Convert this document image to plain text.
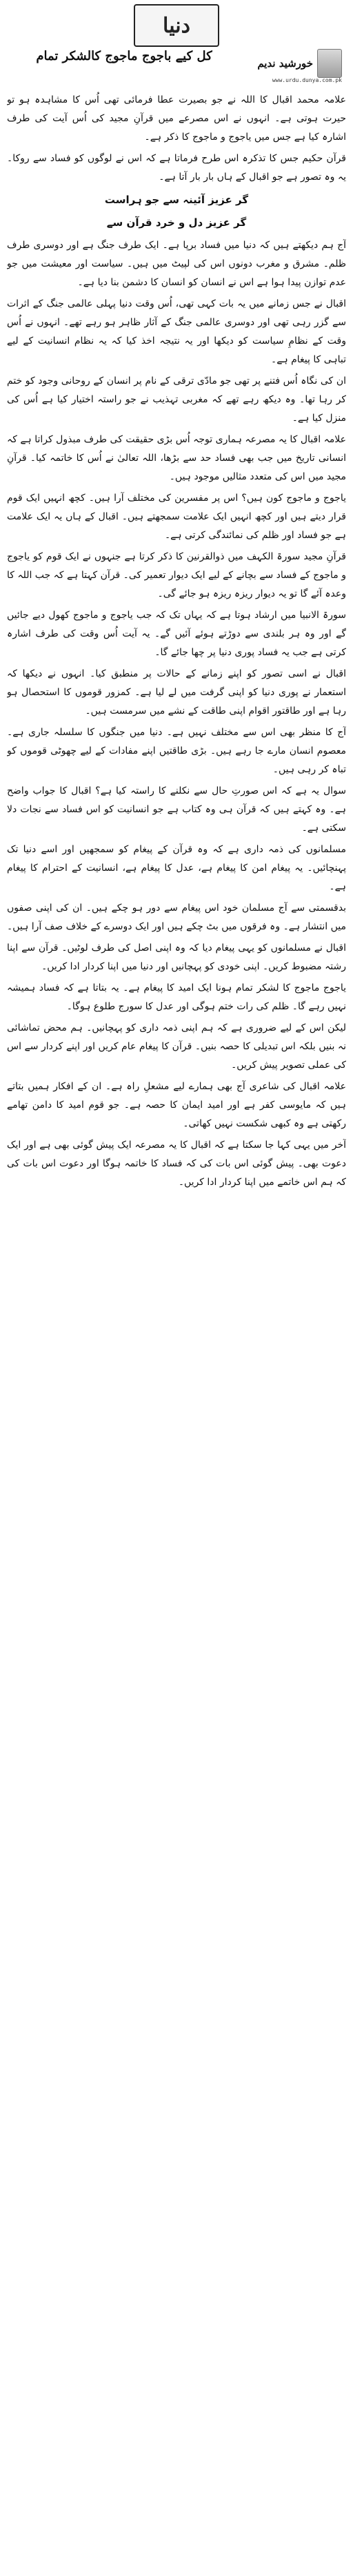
دنیا
کل کیے باجوج ماجوج کالشکر تمام	خورشید ندیم
www.urdu.dunya.com.pk

علامہ محمد اقبال کا اللہ نے جو بصیرت عطا فرمائی تھی اُس کا مشاہدہ ہو تو حیرت ہوتی ہے۔ انہوں نے اس مصرعے میں قرآنِ مجید کی اُس آیت کی طرف اشارہ کیا ہے جس میں یاجوج و ماجوج کا ذکر ہے۔

قرآن حکیم جس کا تذکرہ اس طرح فرماتا ہے کہ اس نے لوگوں کو فساد سے روکا۔ یہ وہ تصور ہے جو اقبال کے ہاں بار بار آتا ہے۔

گر عزیز آئینہ سے جو ہراست

گر عزیز دل و خرد قرآن سے

آج ہم دیکھتے ہیں کہ دنیا میں فساد برپا ہے۔ ایک طرف جنگ ہے اور دوسری طرف ظلم۔ مشرق و مغرب دونوں اس کی لپیٹ میں ہیں۔ سیاست اور معیشت میں جو عدم توازن پیدا ہوا ہے اس نے انسان کو انسان کا دشمن بنا دیا ہے۔

اقبال نے جس زمانے میں یہ بات کہی تھی، اُس وقت دنیا پہلی عالمی جنگ کے اثرات سے گزر رہی تھی اور دوسری عالمی جنگ کے آثار ظاہر ہو رہے تھے۔ انہوں نے اُس وقت کے نظامِ سیاست کو دیکھا اور یہ نتیجہ اخذ کیا کہ یہ نظام انسانیت کے لیے تباہی کا پیغام ہے۔

ان کی نگاہ اُس فتنے پر تھی جو مادّی ترقی کے نام پر انسان کے روحانی وجود کو ختم کر رہا تھا۔ وہ دیکھ رہے تھے کہ مغربی تہذیب نے جو راستہ اختیار کیا ہے اُس کی منزل کیا ہے۔

علامہ اقبال کا یہ مصرعہ ہماری توجہ اُس بڑی حقیقت کی طرف مبذول کراتا ہے کہ انسانی تاریخ میں جب بھی فساد حد سے بڑھا، اللہ تعالیٰ نے اُس کا خاتمہ کیا۔ قرآنِ مجید میں اس کی متعدد مثالیں موجود ہیں۔

یاجوج و ماجوج کون ہیں؟ اس پر مفسرین کی مختلف آرا ہیں۔ کچھ انہیں ایک قوم قرار دیتے ہیں اور کچھ انہیں ایک علامت سمجھتے ہیں۔ اقبال کے ہاں یہ ایک علامت ہے جو فساد اور ظلم کی نمائندگی کرتی ہے۔

قرآنِ مجید سورۃ الکہف میں ذوالقرنین کا ذکر کرتا ہے جنہوں نے ایک قوم کو یاجوج و ماجوج کے فساد سے بچانے کے لیے ایک دیوار تعمیر کی۔ قرآن کہتا ہے کہ جب اللہ کا وعدہ آئے گا تو یہ دیوار ریزہ ریزہ ہو جائے گی۔

سورۃ الانبیا میں ارشاد ہوتا ہے کہ یہاں تک کہ جب یاجوج و ماجوج کھول دیے جائیں گے اور وہ ہر بلندی سے دوڑتے ہوئے آئیں گے۔ یہ آیت اُس وقت کی طرف اشارہ کرتی ہے جب یہ فساد پوری دنیا پر چھا جائے گا۔

اقبال نے اسی تصور کو اپنے زمانے کے حالات پر منطبق کیا۔ انہوں نے دیکھا کہ استعمار نے پوری دنیا کو اپنی گرفت میں لے لیا ہے۔ کمزور قوموں کا استحصال ہو رہا ہے اور طاقتور اقوام اپنی طاقت کے نشے میں سرمست ہیں۔

آج کا منظر بھی اس سے مختلف نہیں ہے۔ دنیا میں جنگوں کا سلسلہ جاری ہے۔ معصوم انسان مارے جا رہے ہیں۔ بڑی طاقتیں اپنے مفادات کے لیے چھوٹی قوموں کو تباہ کر رہی ہیں۔

سوال یہ ہے کہ اس صورتِ حال سے نکلنے کا راستہ کیا ہے؟ اقبال کا جواب واضح ہے۔ وہ کہتے ہیں کہ قرآن ہی وہ کتاب ہے جو انسانیت کو اس فساد سے نجات دلا سکتی ہے۔

مسلمانوں کی ذمہ داری ہے کہ وہ قرآن کے پیغام کو سمجھیں اور اسے دنیا تک پہنچائیں۔ یہ پیغام امن کا پیغام ہے، عدل کا پیغام ہے، انسانیت کے احترام کا پیغام ہے۔

بدقسمتی سے آج مسلمان خود اس پیغام سے دور ہو چکے ہیں۔ ان کی اپنی صفوں میں انتشار ہے۔ وہ فرقوں میں بٹ چکے ہیں اور ایک دوسرے کے خلاف صف آرا ہیں۔

اقبال نے مسلمانوں کو یہی پیغام دیا کہ وہ اپنی اصل کی طرف لوٹیں۔ قرآن سے اپنا رشتہ مضبوط کریں۔ اپنی خودی کو پہچانیں اور دنیا میں اپنا کردار ادا کریں۔

یاجوج ماجوج کا لشکر تمام ہونا ایک امید کا پیغام ہے۔ یہ بتاتا ہے کہ فساد ہمیشہ نہیں رہے گا۔ ظلم کی رات ختم ہوگی اور عدل کا سورج طلوع ہوگا۔

لیکن اس کے لیے ضروری ہے کہ ہم اپنی ذمہ داری کو پہچانیں۔ ہم محض تماشائی نہ بنیں بلکہ اس تبدیلی کا حصہ بنیں۔ قرآن کا پیغام عام کریں اور اپنے کردار سے اس کی عملی تصویر پیش کریں۔

علامہ اقبال کی شاعری آج بھی ہمارے لیے مشعلِ راہ ہے۔ ان کے افکار ہمیں بتاتے ہیں کہ مایوسی کفر ہے اور امید ایمان کا حصہ ہے۔ جو قوم امید کا دامن تھامے رکھتی ہے وہ کبھی شکست نہیں کھاتی۔

آخر میں یہی کہا جا سکتا ہے کہ اقبال کا یہ مصرعہ ایک پیش گوئی بھی ہے اور ایک دعوت بھی۔ پیش گوئی اس بات کی کہ فساد کا خاتمہ ہوگا اور دعوت اس بات کی کہ ہم اس خاتمے میں اپنا کردار ادا کریں۔
